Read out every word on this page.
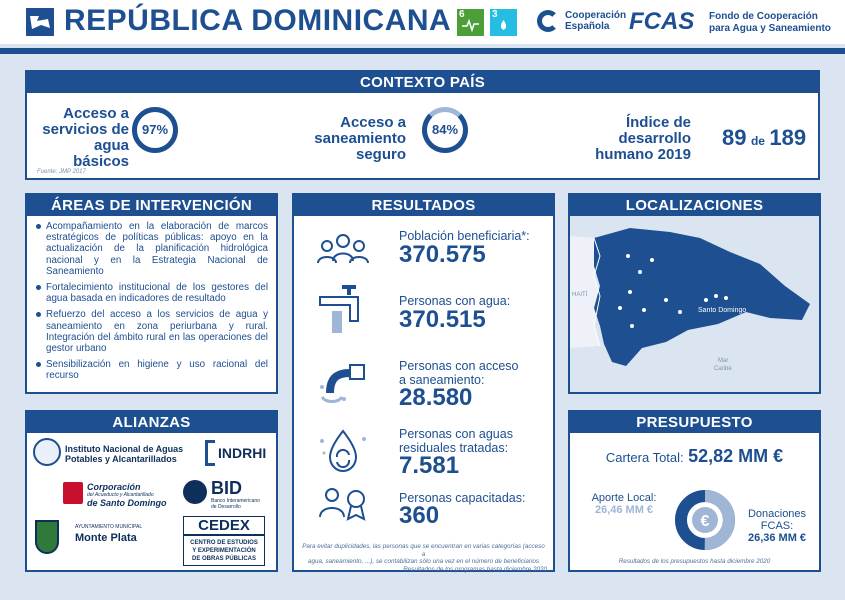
REPÚBLICA DOMINICANA	3
6	Cooperación
Española FCAS Fondo de Cooperación
para Agua y Saneamiento
CONTEXTO PAÍS
Acceso a
servicios de
agua básicos
97%	Acceso a
saneamiento
seguro
84%	Índice de
desarrollo
humano 2019
89 de 189
Fuente: JMP 2017
ÁREAS DE INTERVENCIÓN
Acompañamiento en la elaboración de marcos estratégicos de políticas públicas: apoyo en la actualización de la planificación hidrológica nacional y en la Estrategia Nacional de Saneamiento
Fortalecimiento institucional de los gestores del agua basada en indicadores de resultado
Refuerzo del acceso a los servicios de agua y saneamiento en zona periurbana y rural. Integración del ámbito rural en las operaciones del gestor urbano
Sensibilización en higiene y uso racional del recurso
ALIANZAS
Instituto Nacional de Aguas
Potables y Alcantarillados	INDRHI
Corporación
del Acueducto y Alcantarillado
de Santo Domingo
BID
Banco Interamericano
de Desarrollo
AYUNTAMIENTO MUNICIPAL
Monte Plata
CEDEX
CENTRO DE ESTUDIOS
Y EXPERIMENTACIÓN
DE OBRAS PÚBLICAS
RESULTADOS
Población beneficiaria*:
370.575
Personas con agua:
370.515
Personas con acceso
a saneamiento:
28.580
Personas con aguas
residuales tratadas:
7.581
Personas capacitadas:
360
Para evitar duplicidades, las personas que se encuentran en varias categorías (acceso a
agua, saneamiento, ...), se contabilizan sólo una vez en el número de beneficiarios
Resultados de los programas hasta diciembre 2020
LOCALIZACIONES
HAITÍ
Santo Domingo
Mar
Caribe
PRESUPUESTO
Cartera Total: 52,82 MM €
Aporte Local:
26,46 MM €
€	Donaciones
FCAS:
26,36 MM €
Resultados de los presupuestos hasta diciembre 2020
